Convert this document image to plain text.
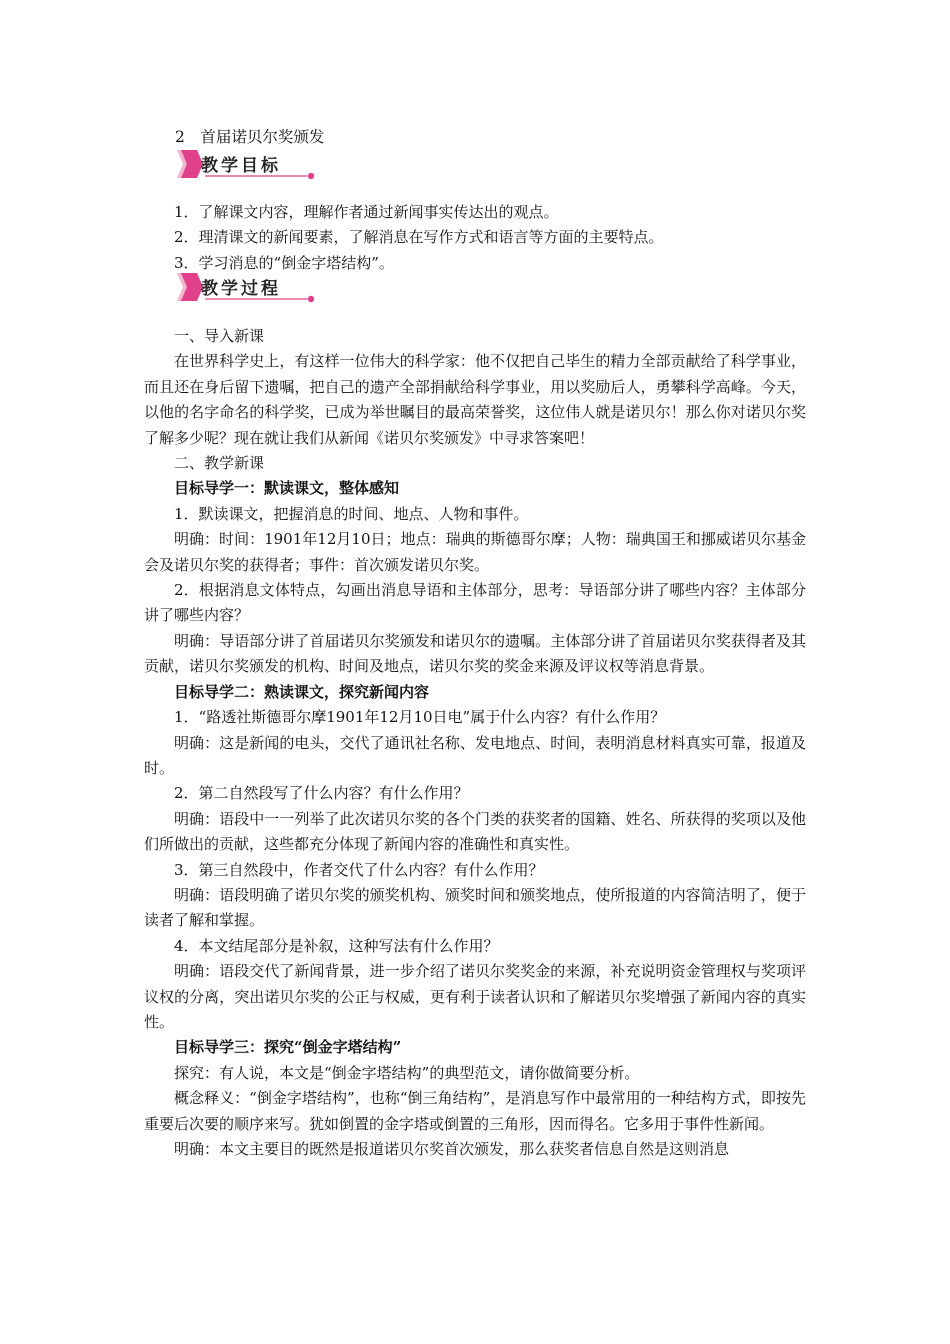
2　首届诺贝尔奖颁发
教学目标

1．了解课文内容，理解作者通过新闻事实传达出的观点。

2．理清课文的新闻要素，了解消息在写作方式和语言等方面的主要特点。

3．学习消息的“倒金字塔结构”。

教学过程

一、导入新课

在世界科学史上，有这样一位伟大的科学家：他不仅把自己毕生的精力全部贡献给了科学事业，而且还在身后留下遗嘱，把自己的遗产全部捐献给科学事业，用以奖励后人，勇攀科学高峰。今天，以他的名字命名的科学奖，已成为举世瞩目的最高荣誉奖，这位伟人就是诺贝尔！那么你对诺贝尔奖了解多少呢？现在就让我们从新闻《诺贝尔奖颁发》中寻求答案吧！

二、教学新课

目标导学一：默读课文，整体感知

1．默读课文，把握消息的时间、地点、人物和事件。

明确：时间：1901年12月10日；地点：瑞典的斯德哥尔摩；人物：瑞典国王和挪威诺贝尔基金会及诺贝尔奖的获得者；事件：首次颁发诺贝尔奖。

2．根据消息文体特点，勾画出消息导语和主体部分，思考：导语部分讲了哪些内容？主体部分讲了哪些内容？

明确：导语部分讲了首届诺贝尔奖颁发和诺贝尔的遗嘱。主体部分讲了首届诺贝尔奖获得者及其贡献，诺贝尔奖颁发的机构、时间及地点，诺贝尔奖的奖金来源及评议权等消息背景。

目标导学二：熟读课文，探究新闻内容

1．“路透社斯德哥尔摩1901年12月10日电”属于什么内容？有什么作用？

明确：这是新闻的电头，交代了通讯社名称、发电地点、时间，表明消息材料真实可靠，报道及时。

2．第二自然段写了什么内容？有什么作用？

明确：语段中一一列举了此次诺贝尔奖的各个门类的获奖者的国籍、姓名、所获得的奖项以及他们所做出的贡献，这些都充分体现了新闻内容的准确性和真实性。

3．第三自然段中，作者交代了什么内容？有什么作用？

明确：语段明确了诺贝尔奖的颁奖机构、颁奖时间和颁奖地点，使所报道的内容简洁明了，便于读者了解和掌握。

4．本文结尾部分是补叙，这种写法有什么作用？

明确：语段交代了新闻背景，进一步介绍了诺贝尔奖奖金的来源，补充说明资金管理权与奖项评议权的分离，突出诺贝尔奖的公正与权威，更有利于读者认识和了解诺贝尔奖增强了新闻内容的真实性。

目标导学三：探究“倒金字塔结构”

探究：有人说，本文是“倒金字塔结构”的典型范文，请你做简要分析。

概念释义：“倒金字塔结构”，也称“倒三角结构”，是消息写作中最常用的一种结构方式，即按先重要后次要的顺序来写。犹如倒置的金字塔或倒置的三角形，因而得名。它多用于事件性新闻。

明确：本文主要目的既然是报道诺贝尔奖首次颁发，那么获奖者信息自然是这则消息
